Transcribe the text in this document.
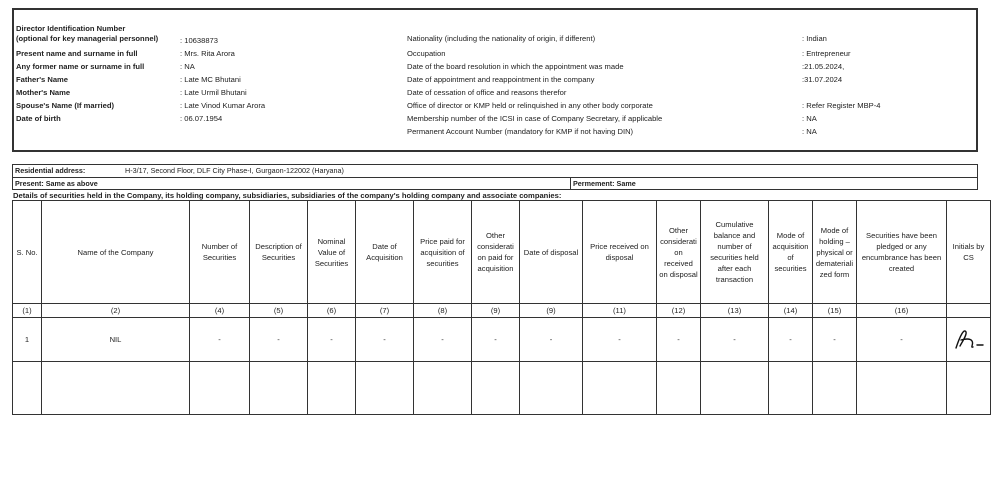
Director Identification Number
(optional for key managerial personnel)	: 10638873
Present name and surname in full	: Mrs. Rita Arora
Any former name or surname in full	: NA
Father's Name	: Late MC Bhutani
Mother's Name	: Late Urmil Bhutani
Spouse's Name (If married)	: Late Vinod Kumar Arora
Date of birth	: 06.07.1954
Nationality (including the nationality of origin, if different)	: Indian
Occupation	: Entrepreneur
Date of the board resolution in which the appointment was made	:21.05.2024,
Date of appointment and reappointment in the company	:31.07.2024
Date of cessation of office and reasons therefor
Office of director or KMP held or relinquished in any other body corporate	: Refer Register MBP-4
Membership number of the ICSI in case of Company Secretary, if applicable	: NA
Permanent Account Number (mandatory for KMP if not having DIN)	: NA
Residential address:	H-3/17, Second Floor, DLF City Phase-I, Gurgaon-122002 (Haryana)
Present: Same as above	Permement: Same
Details of securities held in the Company, its holding company, subsidiaries, subsidiaries of the company's holding company and associate companies:
S. No.	Name of the Company	Number of Securities	Description of Securities	Nominal Value of Securities	Date of Acquisition	Price paid for acquisition of securities	Other considerati on paid for acquisition	Date of disposal	Price received on disposal	Other considerati on received on disposal	Cumulative balance and number of securities held after each transaction	Mode of acquisition of securities	Mode of holding – physical or demateriali zed form	Securities have been pledged or any encumbrance has been created	Initials by CS
(1)	(2)	(4)	(5)	(6)	(7)	(8)	(9)	(9)	(11)	(12)	(13)	(14)	(15)	(16)	
1	NIL	-	-	-	-	-	-	-	-	-	-	-	-	-	
